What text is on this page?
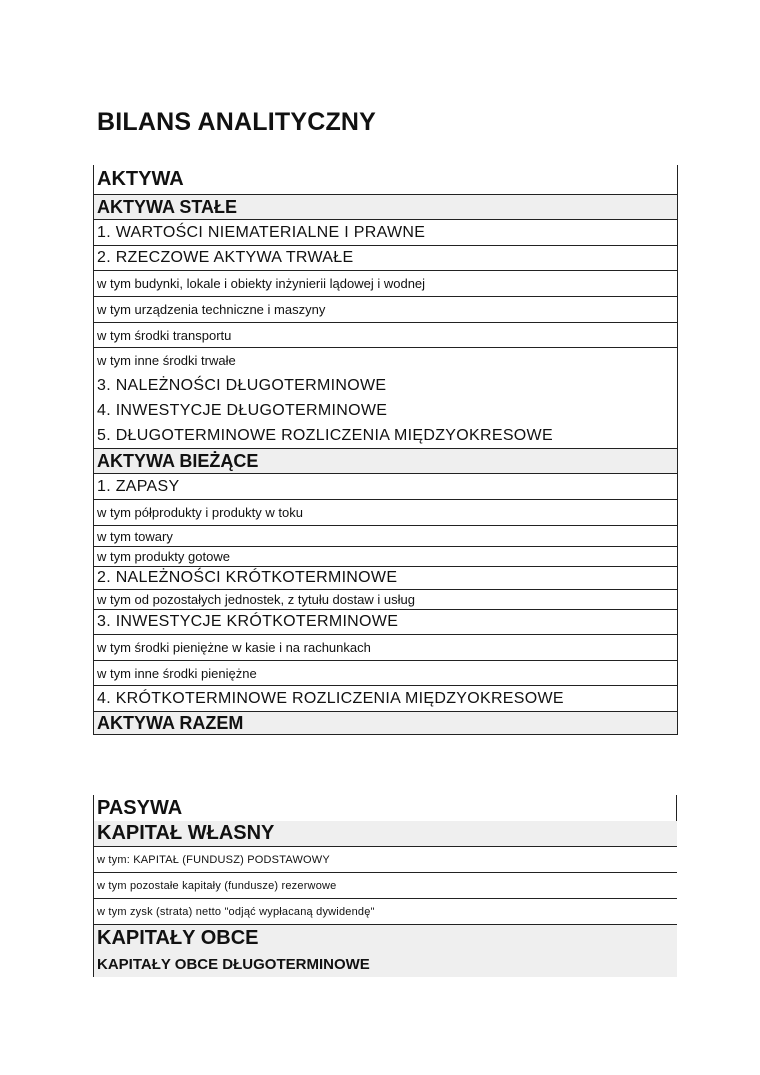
BILANS ANALITYCZNY
AKTYWA
AKTYWA STAŁE
1. WARTOŚCI NIEMATERIALNE I PRAWNE
2. RZECZOWE AKTYWA TRWAŁE
w tym budynki, lokale i obiekty inżynierii lądowej i wodnej
w tym urządzenia techniczne i maszyny
w tym środki transportu
w tym inne środki trwałe
3. NALEŻNOŚCI DŁUGOTERMINOWE
4. INWESTYCJE DŁUGOTERMINOWE
5. DŁUGOTERMINOWE ROZLICZENIA MIĘDZYOKRESOWE
AKTYWA BIEŻĄCE
1. ZAPASY
w tym półprodukty i produkty w toku
w tym towary
w tym produkty gotowe
2. NALEŻNOŚCI KRÓTKOTERMINOWE
w tym od pozostałych jednostek, z tytułu dostaw i usług
3. INWESTYCJE KRÓTKOTERMINOWE
w tym środki pieniężne w kasie i na rachunkach
w tym inne środki pieniężne
4. KRÓTKOTERMINOWE ROZLICZENIA MIĘDZYOKRESOWE
AKTYWA RAZEM
PASYWA
KAPITAŁ WŁASNY
w tym: KAPITAŁ (FUNDUSZ) PODSTAWOWY
w tym pozostałe kapitały (fundusze) rezerwowe
w tym zysk (strata) netto "odjąć wypłacaną dywidendę"
KAPITAŁY OBCE
KAPITAŁY OBCE DŁUGOTERMINOWE
